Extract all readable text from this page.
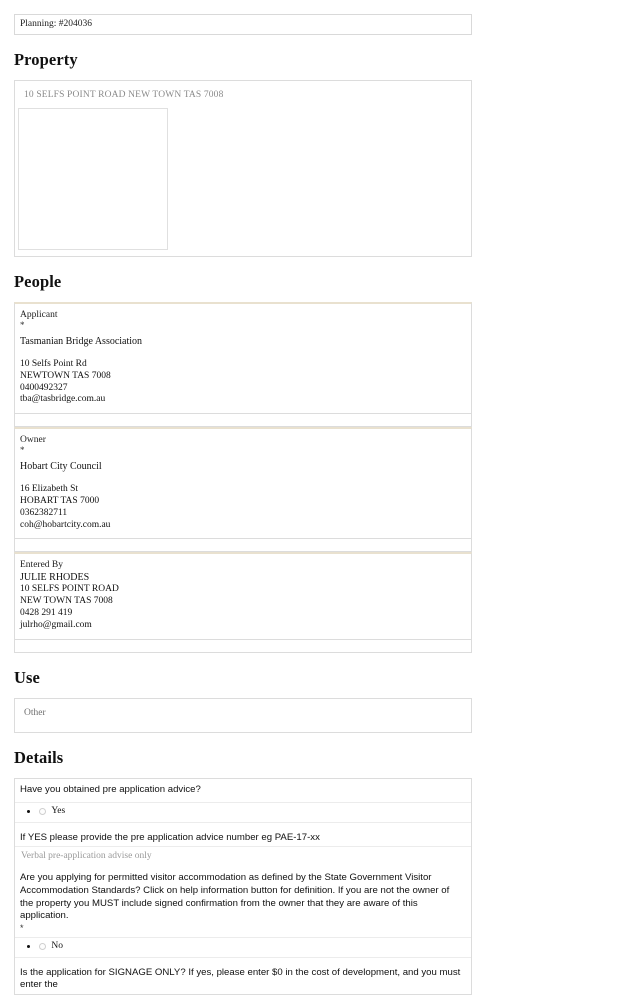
Planning: #204036
Property
10 SELFS POINT ROAD NEW TOWN TAS 7008
People
Applicant
*
Tasmanian Bridge Association
10 Selfs Point Rd
NEWTOWN TAS 7008
0400492327
tba@tasbridge.com.au
Owner
*
Hobart City Council
16 Elizabeth St
HOBART TAS 7000
0362382711
coh@hobartcity.com.au
Entered By
JULIE RHODES
10 SELFS POINT ROAD
NEW TOWN TAS 7008
0428 291 419
julrho@gmail.com
Use
Other
Details
Have you obtained pre application advice?
Yes
If YES please provide the pre application advice number eg PAE-17-xx
Verbal pre-application advise only
Are you applying for permitted visitor accommodation as defined by the State Government Visitor Accommodation Standards? Click on help information button for definition. If you are not the owner of the property you MUST include signed confirmation from the owner that they are aware of this application.
*
No
Is the application for SIGNAGE ONLY? If yes, please enter $0 in the cost of development, and you must enter the
